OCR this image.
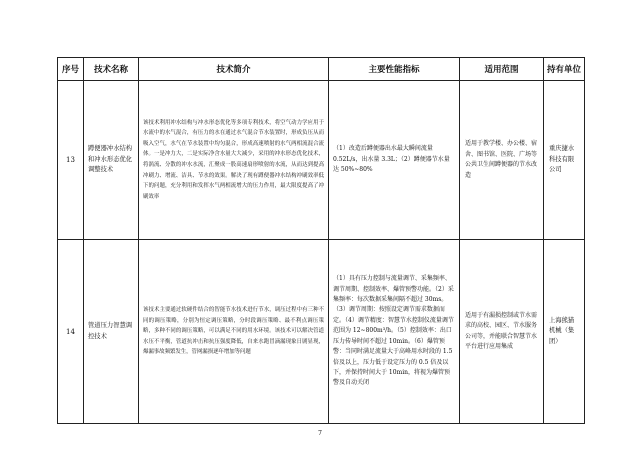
序号	技术名称	技术简介	主要性能指标	适用范围	持有单位
13	蹲便器冲水结构和冲水形态优化调整技术	该技术利用冲水结构与冲水形态优化等多项专利技术，将空气动力学应用于水流中的水气混合，有压力的水在通过水气混合节水装置时，形成负压从而吸入空气，水气在节水装置中均匀混合，形成高速喷射的水气两相流混合流体。一是冲力大，二是实际净含水量大大减少，采用的冲水形态优化技术，将涡流、分散的冲水水流，汇聚成一股高速扇形喷射的水流，从而达到提高冲刷力、增流、洁具、节水的效果。解决了现有蹲便器冲水结构冲刷效率低下的问题，充分利用和发挥水气两相流增大的压力作用，最大限度提高了冲刷效率	（1）改造后蹲便器出水最大瞬间流量 0.52L/s，出水量 3.3L；（2）蹲便器节水量达 50%~80%	适用于教学楼、办公楼、宿舍、图书馆、医院、广场等公共卫生间蹲便器的节水改造	重庆捷水科技有限公司
14	管道压力智慧调控技术	该技术主要通过软硬件结合的智能节水技术进行节水，调压过程中有三种不同的调压策略，分别为恒定调压策略，分时段调压策略、最不利点调压策略，多种不同的调压策略，可以满足不同的用水环境。该技术可以解决管道水压不平衡，管道抗冲击和抗压强度降低，自来水跑冒滴漏现象日剧显现，爆漏事故频繁发生，管网漏损逐年增加等问题	（1）具有压力控制与流量调节、采集频率、调节周期、控制效率、爆管预警功能。（2）采集频率：每次数据采集间隔不超过 30ms。（3）调节周期：按照设定调节需求数据而定。（4）调节精度：智慧节水控制仪流量调节范围为 12~800m³/h。（5）控制效率：出口压力传导时间不超过 10min。（6）爆管预警：当同时满足流量大于高峰用水时段的 1.5 倍及以上，压力低于设定压力的 0.5 倍及以下，并保持时间大于 10min，将视为爆管预警及自动关闭	适用于有漏损控制或节水需求的高校、园区、节水服务公司等，并能联合智慧节水平台进行应用集成	上海熊猫机械（集团）
7
